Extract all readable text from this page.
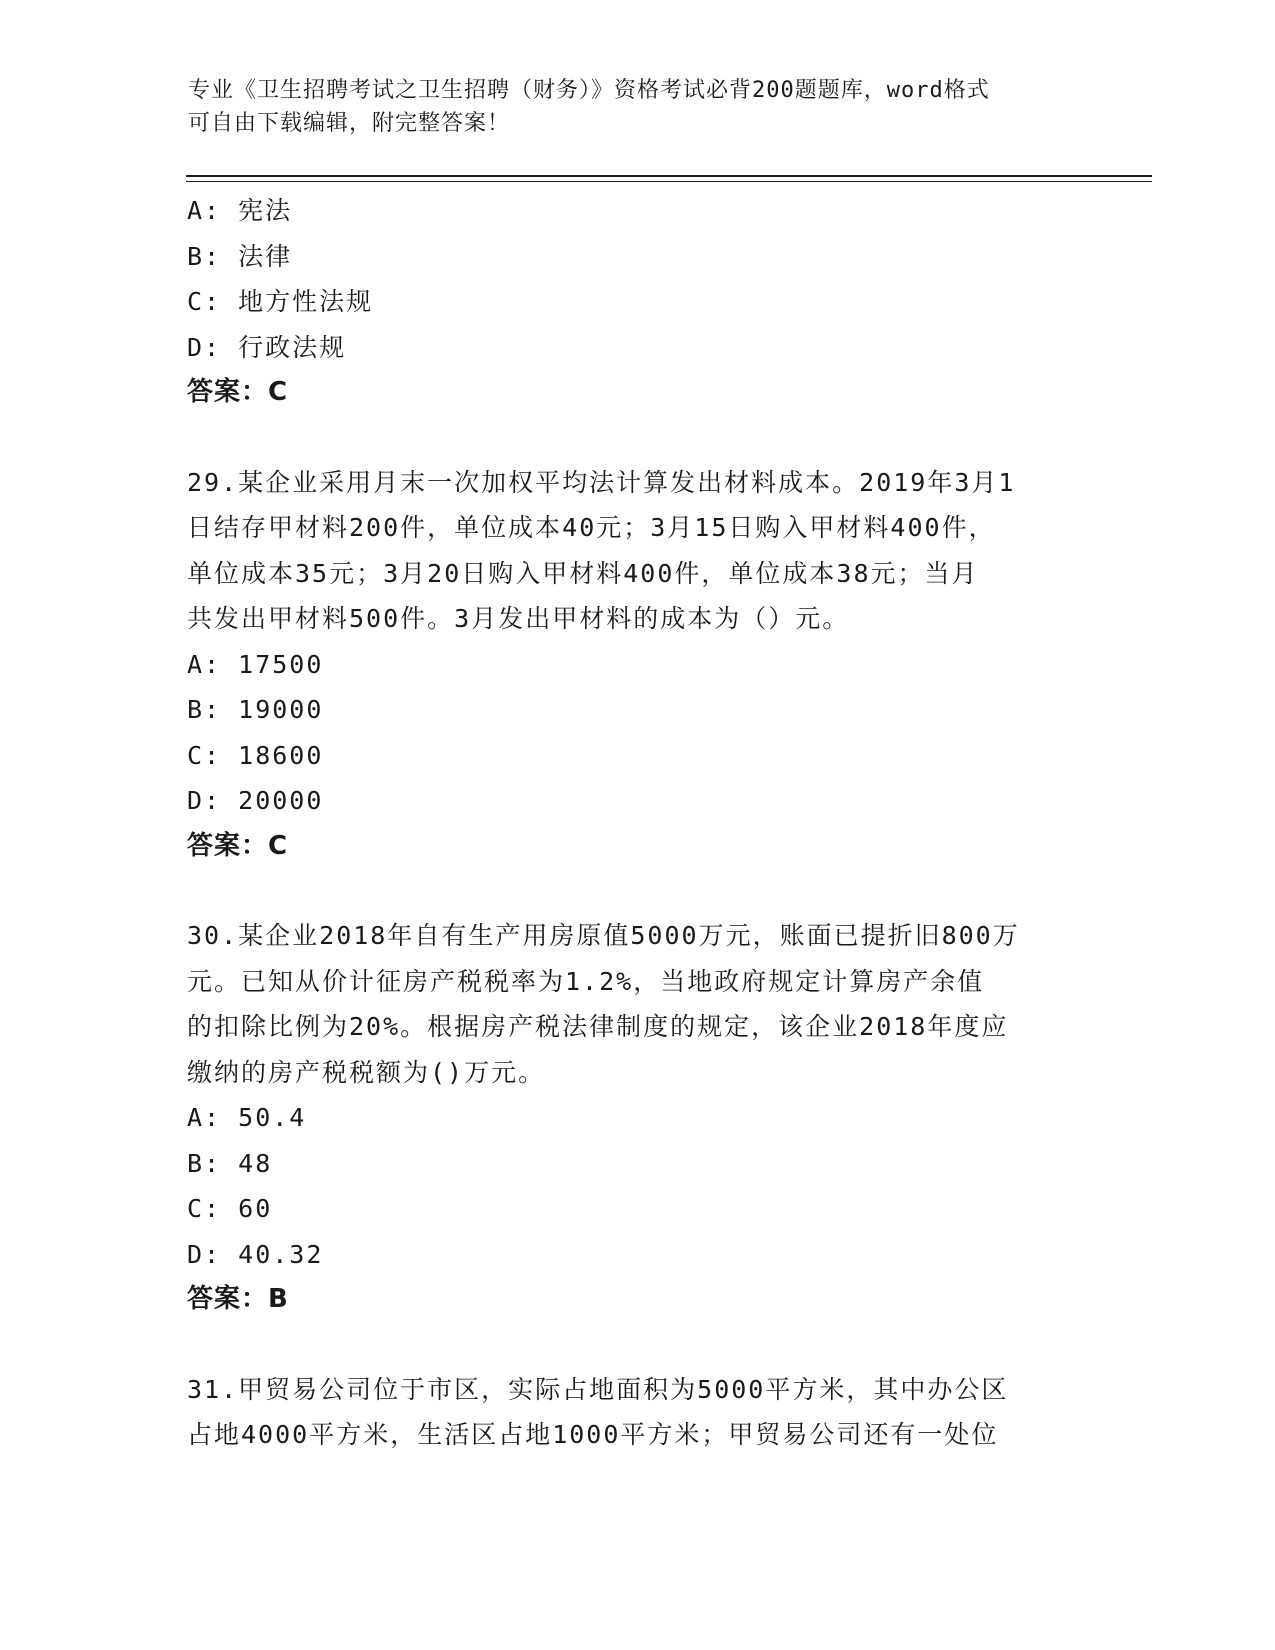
专业《卫生招聘考试之卫生招聘（财务）》资格考试必背200题题库，word格式
可自由下载编辑，附完整答案！
A: 宪法
B: 法律
C: 地方性法规
D: 行政法规
答案：C
29.某企业采用月末一次加权平均法计算发出材料成本。2019年3月1
日结存甲材料200件，单位成本40元；3月15日购入甲材料400件，
单位成本35元；3月20日购入甲材料400件，单位成本38元；当月
共发出甲材料500件。3月发出甲材料的成本为（）元。
A: 17500
B: 19000
C: 18600
D: 20000
答案：C
30.某企业2018年自有生产用房原值5000万元，账面已提折旧800万
元。已知从价计征房产税税率为1.2%，当地政府规定计算房产余值
的扣除比例为20%。根据房产税法律制度的规定，该企业2018年度应
缴纳的房产税税额为()万元。
A: 50.4
B: 48
C: 60
D: 40.32
答案：B
31.甲贸易公司位于市区，实际占地面积为5000平方米，其中办公区
占地4000平方米，生活区占地1000平方米；甲贸易公司还有一处位
